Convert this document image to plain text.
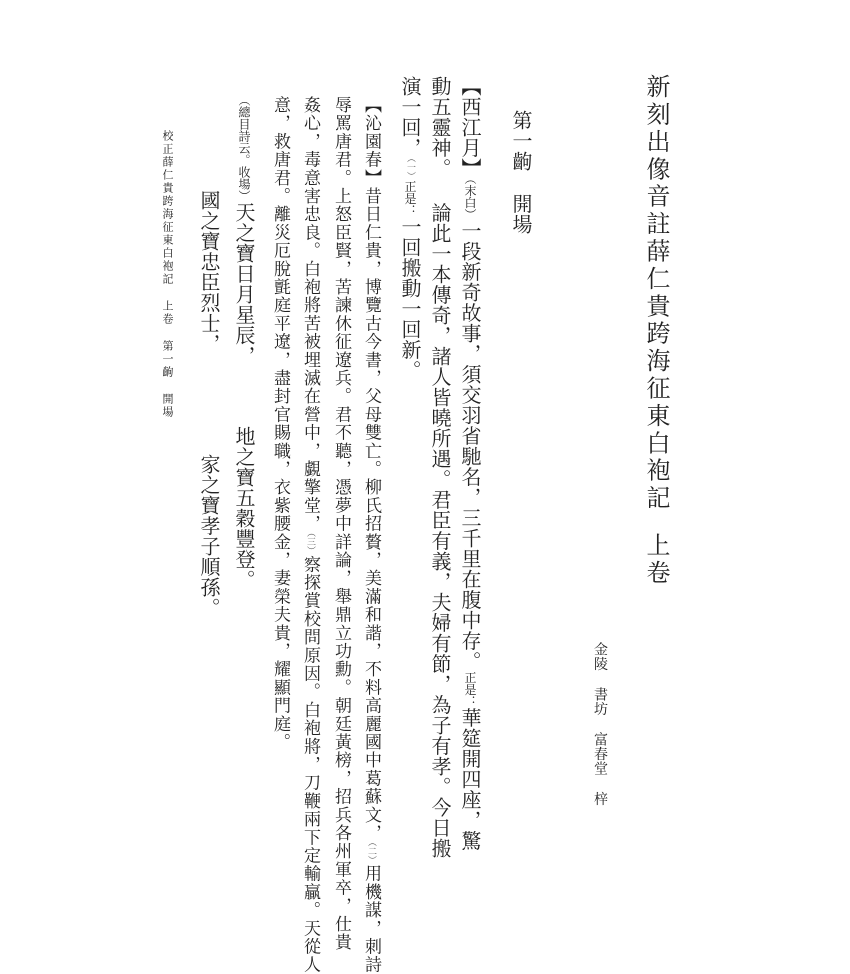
新刻出像音註薛仁貴跨海征東白袍記上卷
金陵書坊富春堂梓
第一齣開場
【西江月】（末白）一段新奇故事，須交羽省馳名，三千里在腹中存。正是：華筵開四座，驚
動五靈神。論此一本傳奇，諸人皆曉所遇。君臣有義，夫婦有節，為子有孝。今日搬
演一回，（一）正是：一回搬動一回新。
【沁園春】昔日仁貴，博覽古今書，父母雙亡。柳氏招贅，美滿和諧，不料高麗國中葛蘇文，（二）用機謀，刺詩
辱罵唐君。上怒臣賢，苦諫休征遼兵。君不聽，憑夢中詳論，舉鼎立功勳。朝廷黃榜，招兵各州軍卒，仕貴
姦心，毒意害忠良。白袍將苦被埋滅在營中，覷擎堂，（三）察探賞校問原因。白袍將，刀鞭兩下定輸贏。天從人
意，救唐君。離災厄脫氈庭平遼，盡封官賜職，衣紫腰金，妻榮夫貴，耀顯門庭。
（總目詩云。收場）天之寶日月星辰，地之寶五穀豐登。
國之寶忠臣烈士，家之寶孝子順孫。
校正薛仁貴跨海征東白袍記上卷第一齣開場
